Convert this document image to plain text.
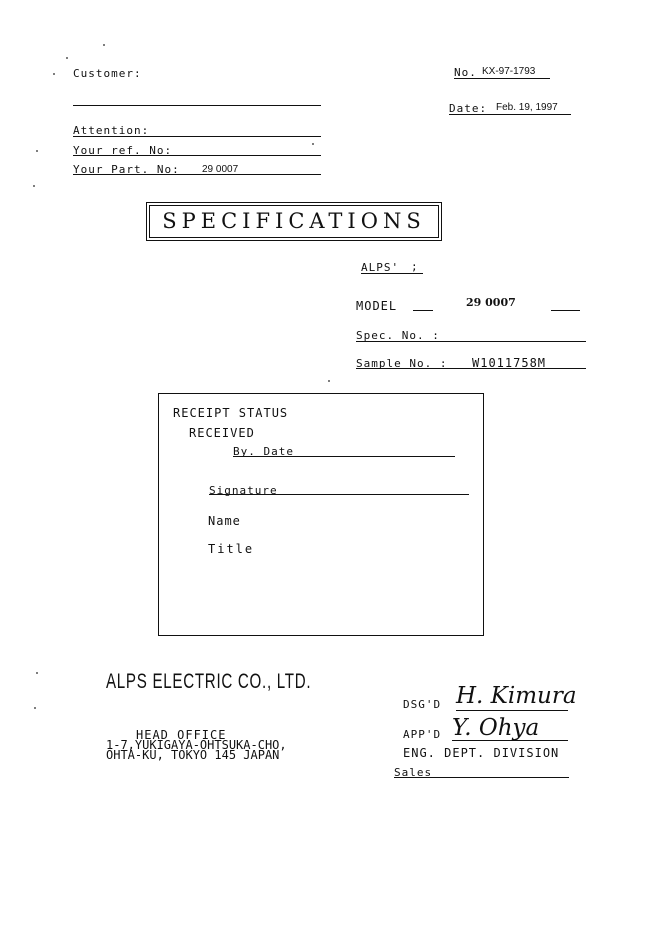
Customer:
Attention:
Your ref. No:
Your Part. No: 29 0007
No. KX-97-1793
Date: Feb. 19, 1997
SPECIFICATIONS
ALPS' ;
MODEL	29 0007
Spec. No. :
Sample No. : W1011758M
RECEIPT STATUS
RECEIVED
By. Date
Signature
Name
Title
ALPS ELECTRIC CO., LTD.
HEAD OFFICE
1-7,YUKIGAYA-OHTSUKA-CHO,
OHTA-KU, TOKYO 145 JAPAN
DSG'D H. Kimura
APP'D Y. Ohya
ENG. DEPT. DIVISION
Sales
